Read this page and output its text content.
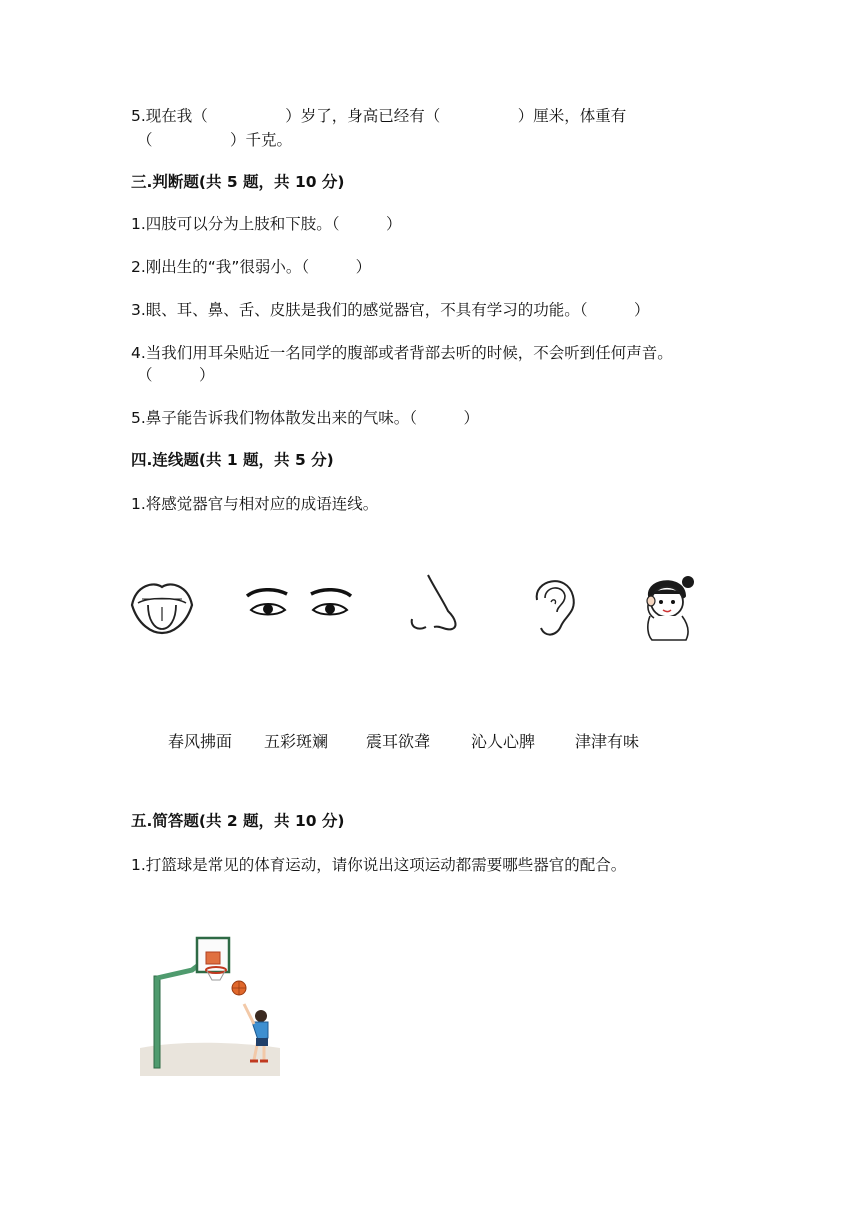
5.现在我（　　　　　）岁了，身高已经有（　　　　　）厘米，体重有
（　　　　　）千克。
三.判断题(共 5 题，共 10 分)
1.四肢可以分为上肢和下肢。（　　　）
2.刚出生的“我”很弱小。（　　　）
3.眼、耳、鼻、舌、皮肤是我们的感觉器官，不具有学习的功能。（　　　）
4.当我们用耳朵贴近一名同学的腹部或者背部去听的时候，不会听到任何声音。
（　　　）
5.鼻子能告诉我们物体散发出来的气味。（　　　）
四.连线题(共 1 题，共 5 分)
1.将感觉器官与相对应的成语连线。
春风拂面 五彩斑斓 震耳欲聋	沁人心脾 津津有味
五.简答题(共 2 题，共 10 分)
1.打篮球是常见的体育运动，请你说出这项运动都需要哪些器官的配合。
